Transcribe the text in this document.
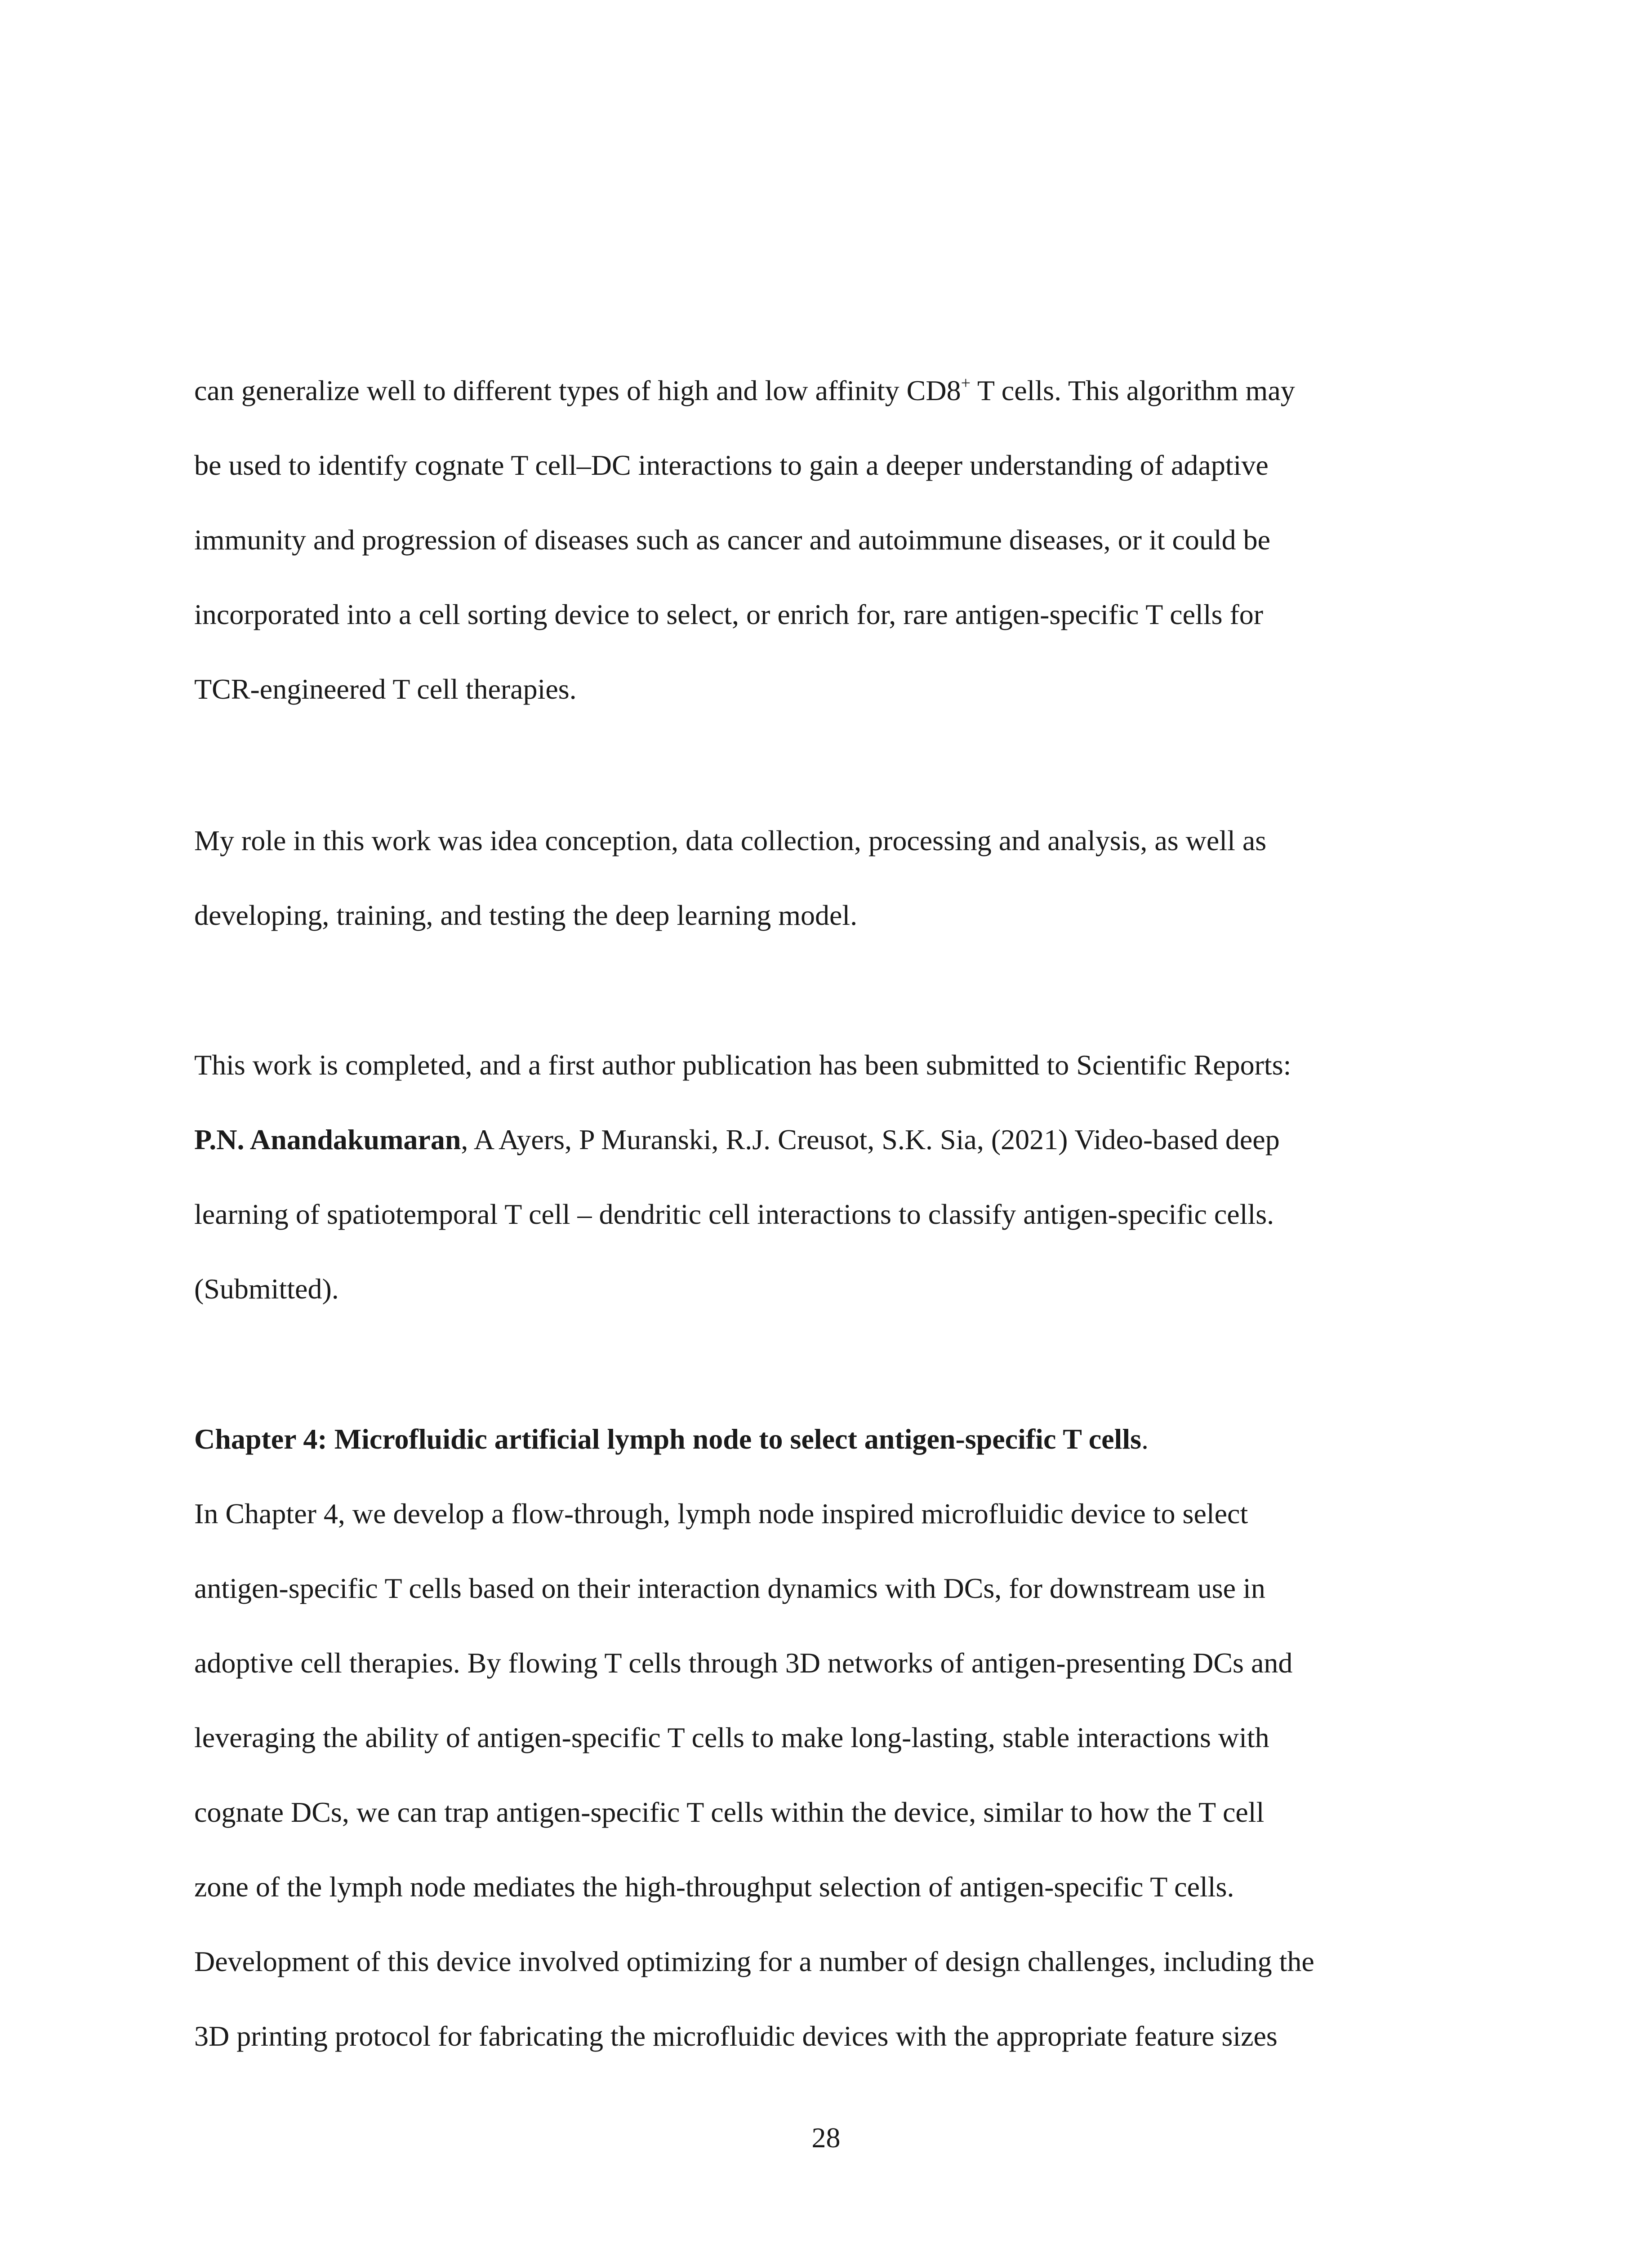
can generalize well to different types of high and low affinity CD8+ T cells. This algorithm may
be used to identify cognate T cell–DC interactions to gain a deeper understanding of adaptive
immunity and progression of diseases such as cancer and autoimmune diseases, or it could be
incorporated into a cell sorting device to select, or enrich for, rare antigen-specific T cells for
TCR-engineered T cell therapies.
My role in this work was idea conception, data collection, processing and analysis, as well as
developing, training, and testing the deep learning model.
This work is completed, and a first author publication has been submitted to Scientific Reports:
P.N. Anandakumaran, A Ayers, P Muranski, R.J. Creusot, S.K. Sia, (2021) Video-based deep
learning of spatiotemporal T cell – dendritic cell interactions to classify antigen-specific cells.
(Submitted).
Chapter 4: Microfluidic artificial lymph node to select antigen-specific T cells.
In Chapter 4, we develop a flow-through, lymph node inspired microfluidic device to select
antigen-specific T cells based on their interaction dynamics with DCs, for downstream use in
adoptive cell therapies. By flowing T cells through 3D networks of antigen-presenting DCs and
leveraging the ability of antigen-specific T cells to make long-lasting, stable interactions with
cognate DCs, we can trap antigen-specific T cells within the device, similar to how the T cell
zone of the lymph node mediates the high-throughput selection of antigen-specific T cells.
Development of this device involved optimizing for a number of design challenges, including the
3D printing protocol for fabricating the microfluidic devices with the appropriate feature sizes
28
